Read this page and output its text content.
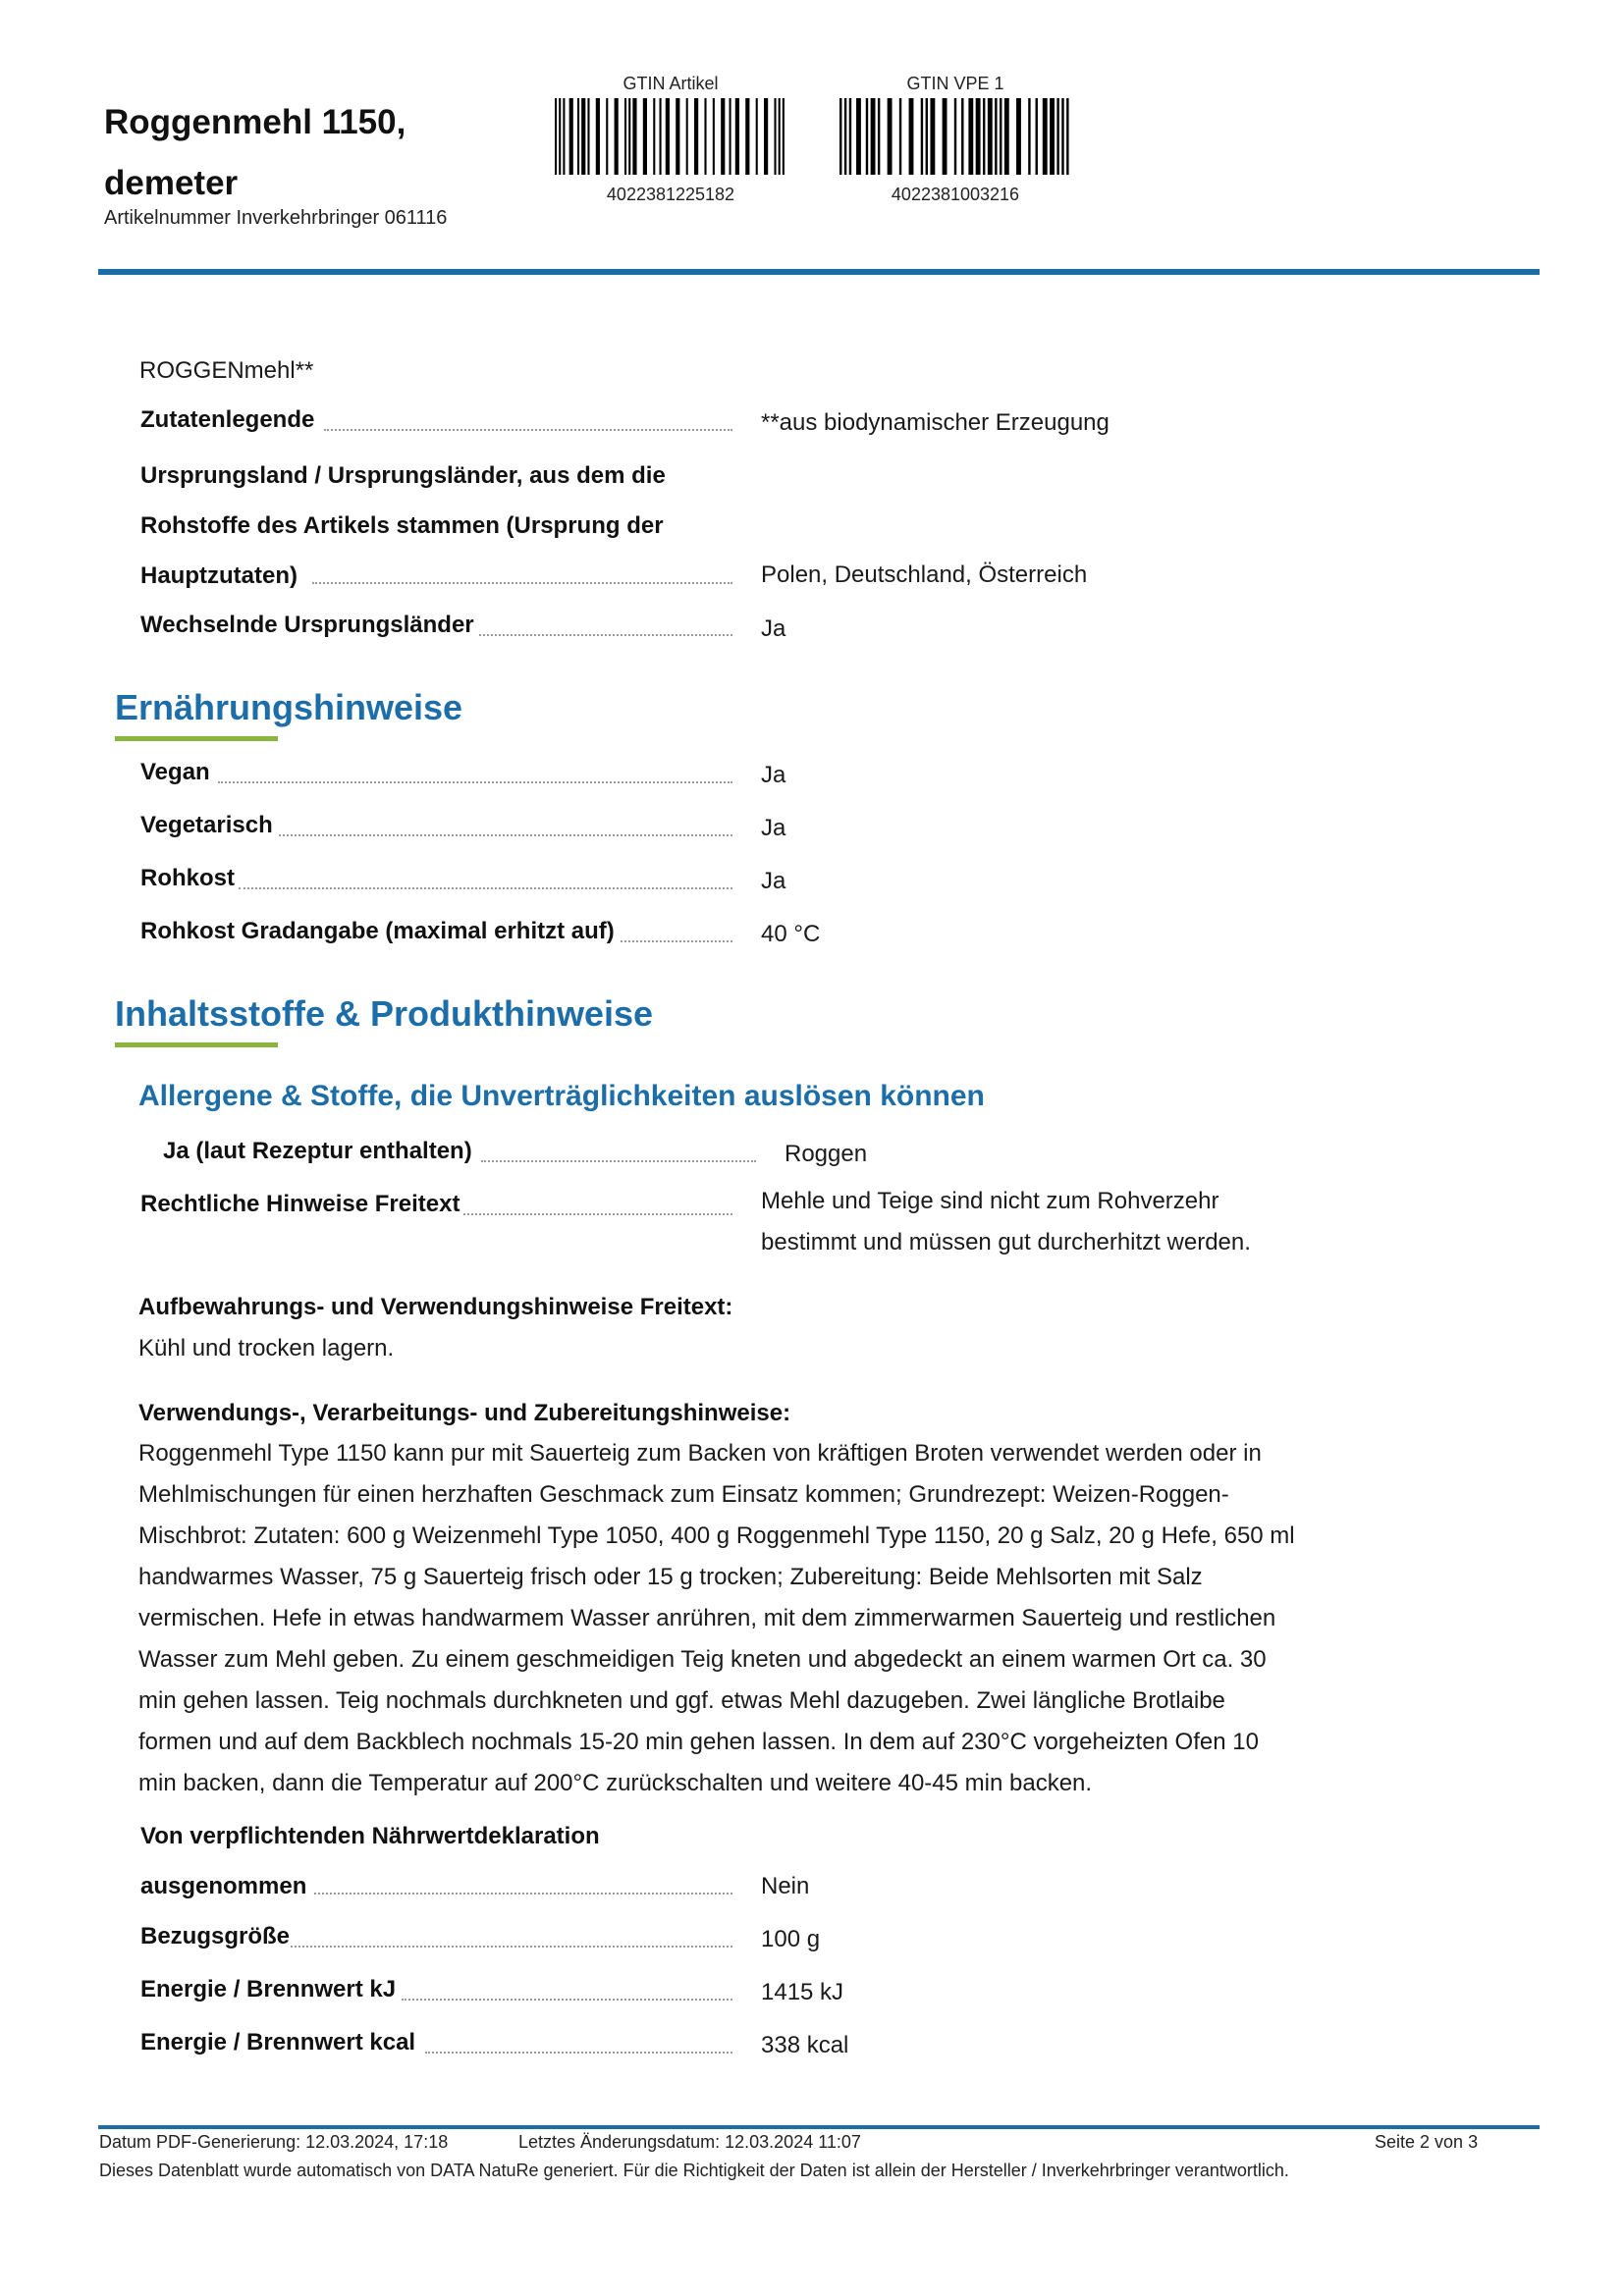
Roggenmehl 1150,
demeter
Artikelnummer Inverkehrbringer 061116
GTIN Artikel
4022381225182
GTIN VPE 1
4022381003216
ROGGENmehl**
Zutatenlegende	**aus biodynamischer Erzeugung
Ursprungsland / Ursprungsländer, aus dem die
Rohstoffe des Artikels stammen (Ursprung der
Hauptzutaten)	Polen, Deutschland, Österreich
Wechselnde Ursprungsländer	Ja
Ernährungshinweise
Vegan	Ja
Vegetarisch	Ja
Rohkost	Ja
Rohkost Gradangabe (maximal erhitzt auf)	40 °C
Inhaltsstoffe & Produkthinweise
Allergene & Stoffe, die Unverträglichkeiten auslösen können
Ja (laut Rezeptur enthalten)	Roggen
Rechtliche Hinweise Freitext	Mehle und Teige sind nicht zum Rohverzehr
bestimmt und müssen gut durcherhitzt werden.
Aufbewahrungs- und Verwendungshinweise Freitext:
Kühl und trocken lagern.
Verwendungs-, Verarbeitungs- und Zubereitungshinweise:
Roggenmehl Type 1150 kann pur mit Sauerteig zum Backen von kräftigen Broten verwendet werden oder in
Mehlmischungen für einen herzhaften Geschmack zum Einsatz kommen; Grundrezept: Weizen-Roggen-
Mischbrot: Zutaten: 600 g Weizenmehl Type 1050, 400 g Roggenmehl Type 1150, 20 g Salz, 20 g Hefe, 650 ml
handwarmes Wasser, 75 g Sauerteig frisch oder 15 g trocken; Zubereitung: Beide Mehlsorten mit Salz
vermischen. Hefe in etwas handwarmem Wasser anrühren, mit dem zimmerwarmen Sauerteig und restlichen
Wasser zum Mehl geben. Zu einem geschmeidigen Teig kneten und abgedeckt an einem warmen Ort ca. 30
min gehen lassen. Teig nochmals durchkneten und ggf. etwas Mehl dazugeben. Zwei längliche Brotlaibe
formen und auf dem Backblech nochmals 15-20 min gehen lassen. In dem auf 230°C vorgeheizten Ofen 10
min backen, dann die Temperatur auf 200°C zurückschalten und weitere 40-45 min backen.
Von verpflichtenden Nährwertdeklaration
ausgenommen	Nein
Bezugsgröße	100 g
Energie / Brennwert kJ	1415 kJ
Energie / Brennwert kcal	338 kcal
Datum PDF-Generierung: 12.03.2024, 17:18	Letztes Änderungsdatum: 12.03.2024 11:07	Seite 2 von 3
Dieses Datenblatt wurde automatisch von DATA NatuRe generiert. Für die Richtigkeit der Daten ist allein der Hersteller / Inverkehrbringer verantwortlich.
